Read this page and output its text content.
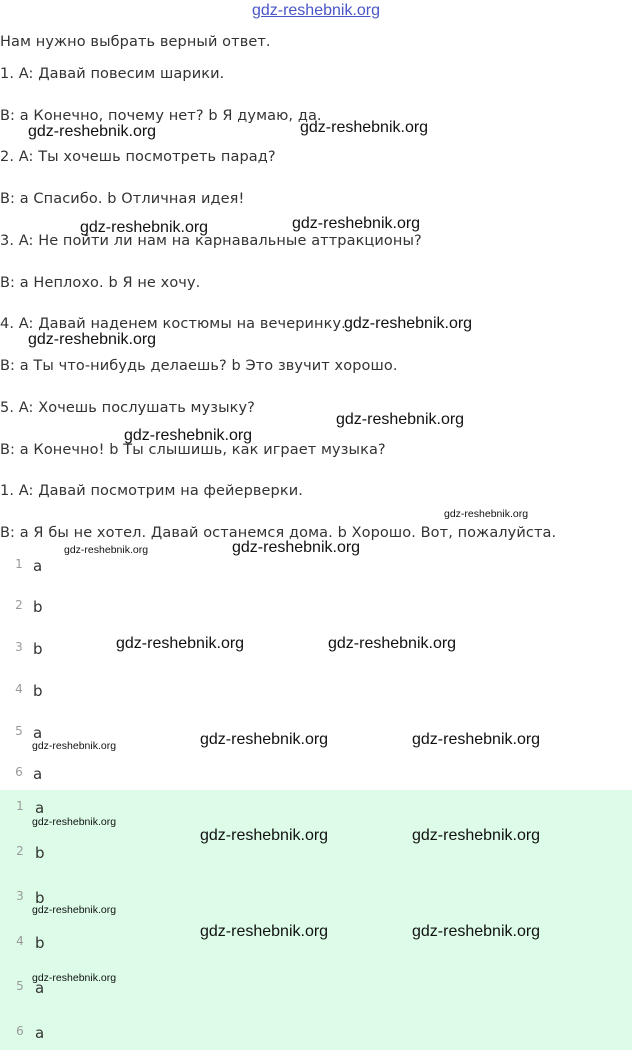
gdz-reshebnik.org
Нам нужно выбрать верный ответ.
1. A: Давай повесим шарики.
B: a Конечно, почему нет? b Я думаю, да.
2. A: Ты хочешь посмотреть парад?
B: a Спасибо. b Отличная идея!
3. A: Не пойти ли нам на карнавальные аттракционы?
B: a Неплохо. b Я не хочу.
4. A: Давай наденем костюмы на вечеринку.
B: a Ты что-нибудь делаешь? b Это звучит хорошо.
5. A: Хочешь послушать музыку?
B: a Конечно! b Ты слышишь, как играет музыка?
1. A: Давай посмотрим на фейерверки.
B: a Я бы не хотел. Давай останемся дома. b Хорошо. Вот, пожалуйста.
1 a
2 b
3 b
4 b
5 a
6 a
1 a
2 b
3 b
4 b
5 a
6 a
gdz-reshebnik.org	gdz-reshebnik.org
gdz-reshebnik.org	gdz-reshebnik.org
gdz-reshebnik.org
gdz-reshebnik.org
gdz-reshebnik.org
gdz-reshebnik.org
gdz-reshebnik.org
gdz-reshebnik.org	gdz-reshebnik.org
gdz-reshebnik.org	gdz-reshebnik.org
gdz-reshebnik.org	gdz-reshebnik.org	gdz-reshebnik.org
gdz-reshebnik.org
gdz-reshebnik.org	gdz-reshebnik.org
gdz-reshebnik.org
gdz-reshebnik.org	gdz-reshebnik.org
gdz-reshebnik.org
